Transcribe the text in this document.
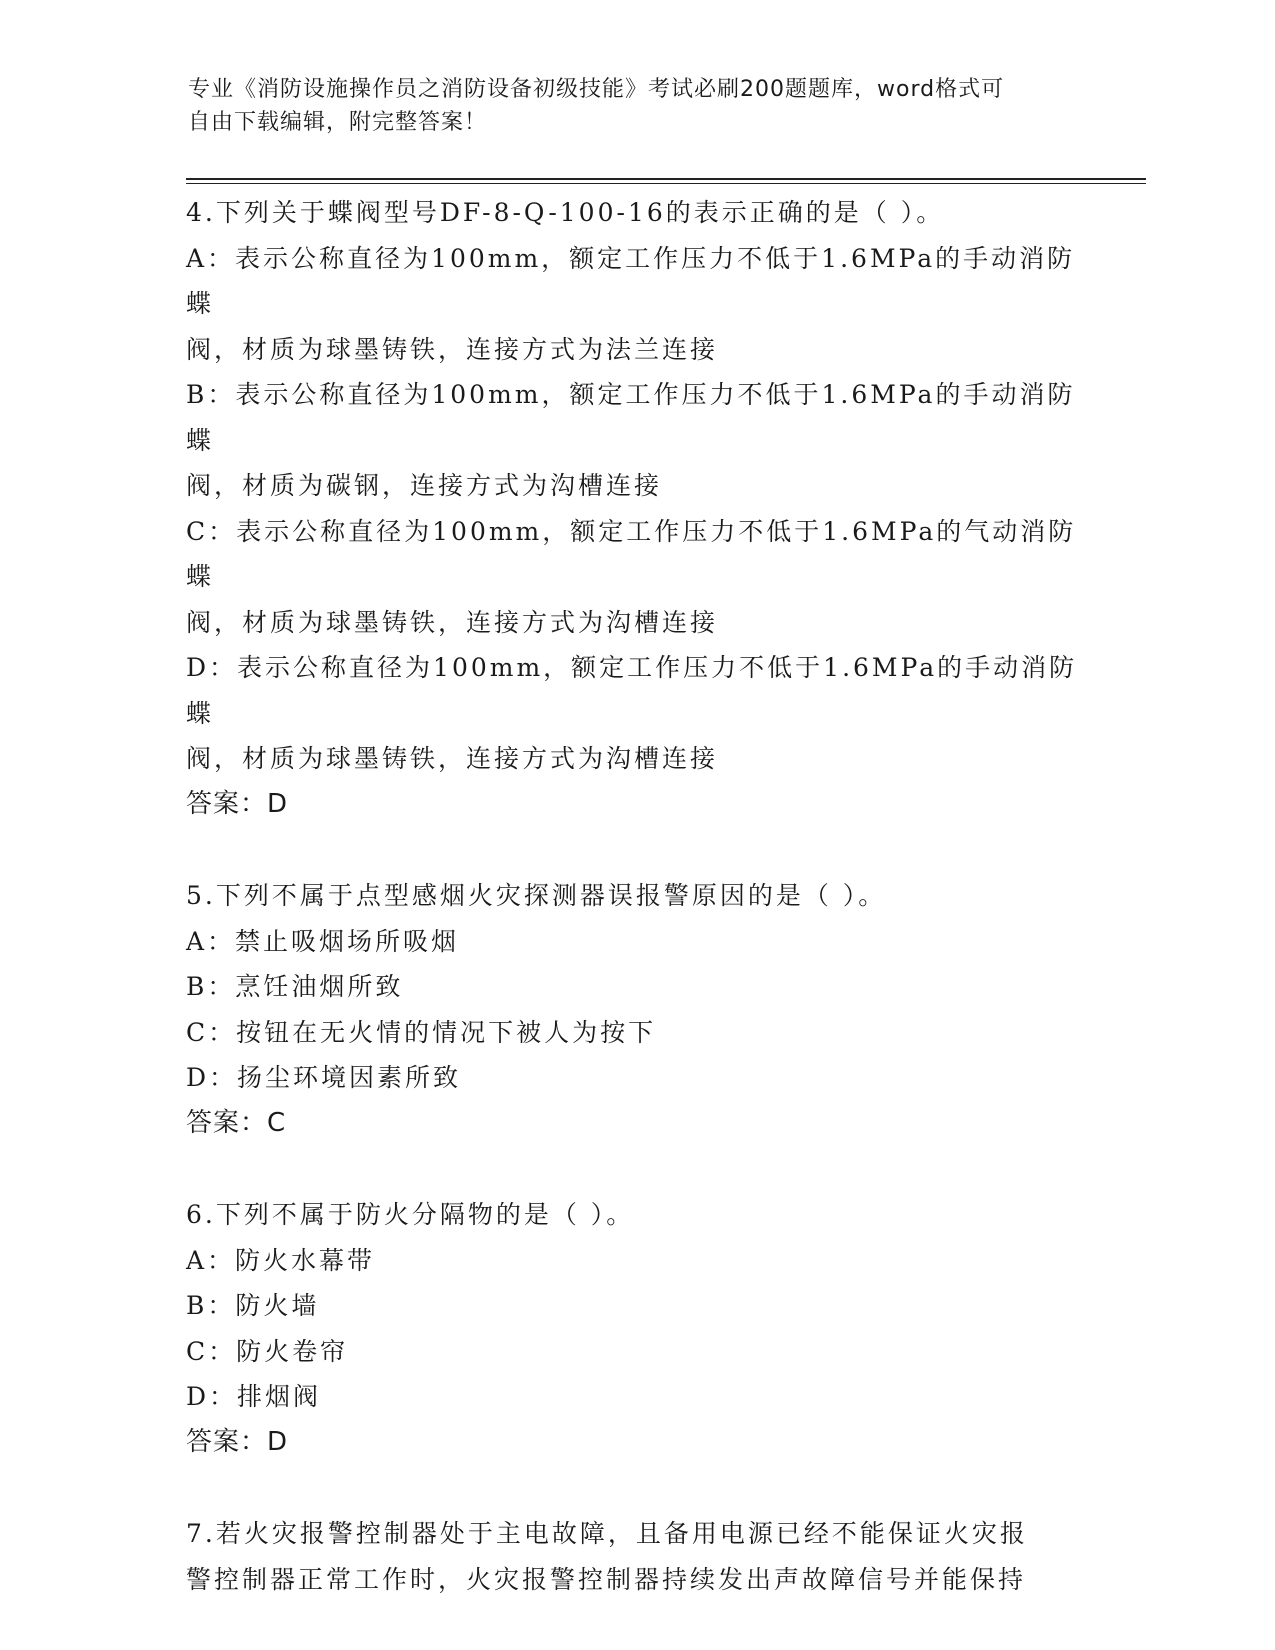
专业《消防设施操作员之消防设备初级技能》考试必刷200题题库，word格式可
自由下载编辑，附完整答案！

4.下列关于蝶阀型号DF-8-Q-100-16的表示正确的是（ ）。

A：表示公称直径为100mm，额定工作压力不低于1.6MPa的手动消防蝶

阀，材质为球墨铸铁，连接方式为法兰连接

B：表示公称直径为100mm，额定工作压力不低于1.6MPa的手动消防蝶

阀，材质为碳钢，连接方式为沟槽连接

C：表示公称直径为100mm，额定工作压力不低于1.6MPa的气动消防蝶

阀，材质为球墨铸铁，连接方式为沟槽连接

D：表示公称直径为100mm，额定工作压力不低于1.6MPa的手动消防蝶

阀，材质为球墨铸铁，连接方式为沟槽连接

答案：D

5.下列不属于点型感烟火灾探测器误报警原因的是（ ）。

A：禁止吸烟场所吸烟

B：烹饪油烟所致

C：按钮在无火情的情况下被人为按下

D：扬尘环境因素所致

答案：C

6.下列不属于防火分隔物的是（ ）。

A：防火水幕带

B：防火墙

C：防火卷帘

D：排烟阀

答案：D

7.若火灾报警控制器处于主电故障，且备用电源已经不能保证火灾报

警控制器正常工作时，火灾报警控制器持续发出声故障信号并能保持
